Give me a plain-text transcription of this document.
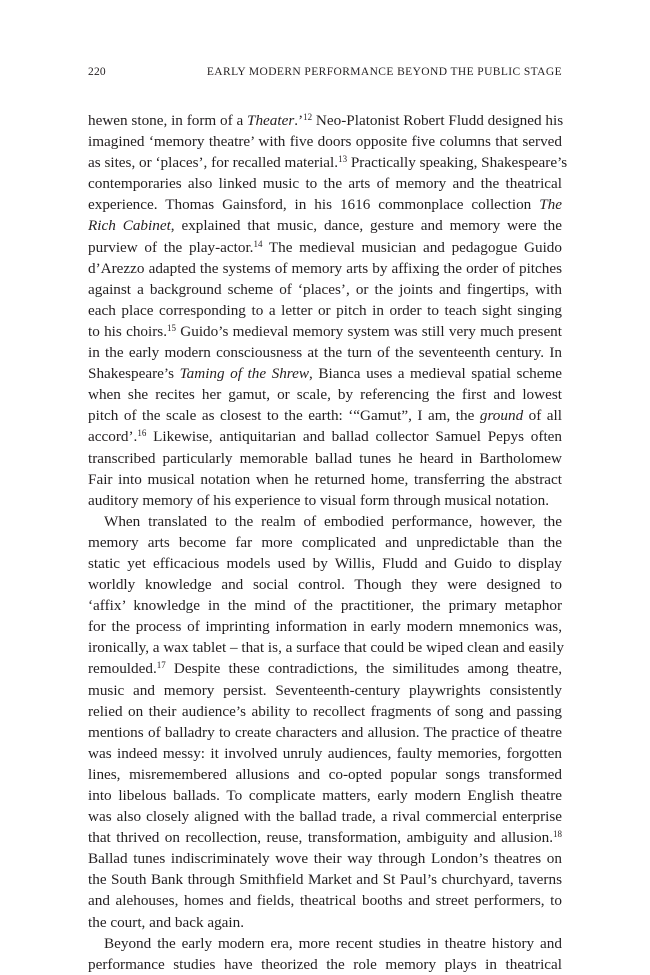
220	EARLY MODERN PERFORMANCE BEYOND THE PUBLIC STAGE
hewen stone, in form of a Theater.’$^{12}$ Neo-Platonist Robert Fludd designed his
imagined ‘memory theatre’ with five doors opposite five columns that served
as sites, or ‘places’, for recalled material.$^{13}$ Practically speaking, Shakespeare’s
contemporaries also linked music to the arts of memory and the theatrical
experience. Thomas Gainsford, in his 1616 commonplace collection The
Rich Cabinet, explained that music, dance, gesture and memory were the
purview of the play-actor.$^{14}$ The medieval musician and pedagogue Guido
d’Arezzo adapted the systems of memory arts by affixing the order of pitches
against a background scheme of ‘places’, or the joints and fingertips, with
each place corresponding to a letter or pitch in order to teach sight singing
to his choirs.$^{15}$ Guido’s medieval memory system was still very much present
in the early modern consciousness at the turn of the seventeenth century. In
Shakespeare’s Taming of the Shrew, Bianca uses a medieval spatial scheme
when she recites her gamut, or scale, by referencing the first and lowest
pitch of the scale as closest to the earth: ‘“Gamut”, I am, the ground of all
accord’.$^{16}$ Likewise, antiquitarian and ballad collector Samuel Pepys often
transcribed particularly memorable ballad tunes he heard in Bartholomew
Fair into musical notation when he returned home, transferring the abstract
auditory memory of his experience to visual form through musical notation.
When translated to the realm of embodied performance, however, the
memory arts become far more complicated and unpredictable than the
static yet efficacious models used by Willis, Fludd and Guido to display
worldly knowledge and social control. Though they were designed to
‘affix’ knowledge in the mind of the practitioner, the primary metaphor
for the process of imprinting information in early modern mnemonics was,
ironically, a wax tablet – that is, a surface that could be wiped clean and easily
remoulded.$^{17}$ Despite these contradictions, the similitudes among theatre,
music and memory persist. Seventeenth-century playwrights consistently
relied on their audience’s ability to recollect fragments of song and passing
mentions of balladry to create characters and allusion. The practice of theatre
was indeed messy: it involved unruly audiences, faulty memories, forgotten
lines, misremembered allusions and co-opted popular songs transformed
into libelous ballads. To complicate matters, early modern English theatre
was also closely aligned with the ballad trade, a rival commercial enterprise
that thrived on recollection, reuse, transformation, ambiguity and allusion.$^{18}$
Ballad tunes indiscriminately wove their way through London’s theatres on
the South Bank through Smithfield Market and St Paul’s churchyard, taverns
and alehouses, homes and fields, theatrical booths and street performers, to
the court, and back again.
Beyond the early modern era, more recent studies in theatre history and
performance studies have theorized the role memory plays in theatrical
